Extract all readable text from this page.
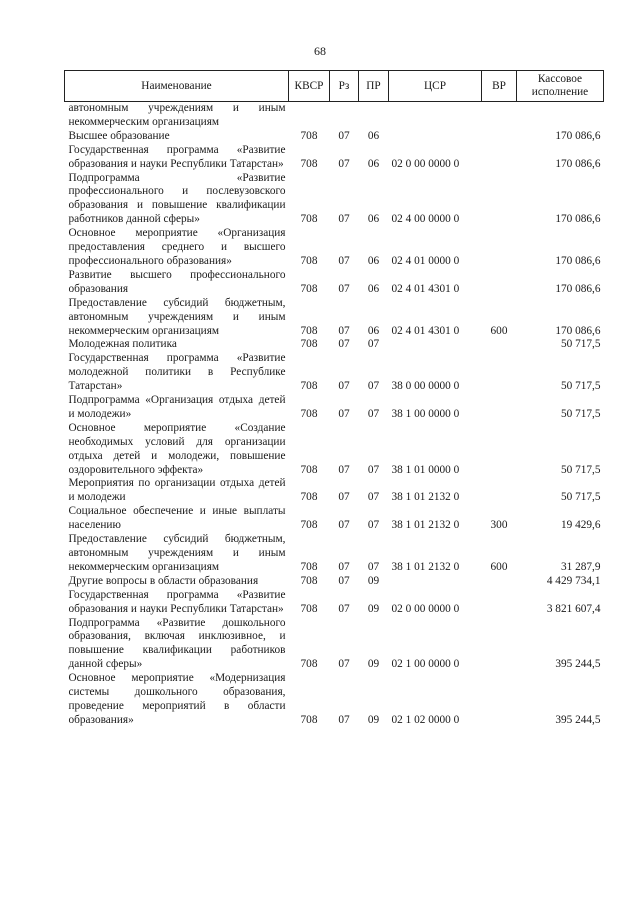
68
Наименование	КВСР	Рз	ПР	ЦСР	ВР	Кассовое исполнение
автономным учреждениям и иным некоммерческим организациям						
Высшее образование	708	07	06			170 086,6
Государственная программа «Развитие образования и науки Республики Татарстан»	708	07	06	02 0 00 0000 0		170 086,6
Подпрограмма «Развитие профессионального и послевузовского образования и повышение квалификации работников данной сферы»	708	07	06	02 4 00 0000 0		170 086,6
Основное мероприятие «Организация предоставления среднего и высшего профессионального образования»	708	07	06	02 4 01 0000 0		170 086,6
Развитие высшего профессионального образования	708	07	06	02 4 01 4301 0		170 086,6
Предоставление субсидий бюджетным, автономным учреждениям и иным некоммерческим организациям	708	07	06	02 4 01 4301 0	600	170 086,6
Молодежная политика	708	07	07			50 717,5
Государственная программа «Развитие молодежной политики в Республике Татарстан»	708	07	07	38 0 00 0000 0		50 717,5
Подпрограмма «Организация отдыха детей и молодежи»	708	07	07	38 1 00 0000 0		50 717,5
Основное мероприятие «Создание необходимых условий для организации отдыха детей и молодежи, повышение оздоровительного эффекта»	708	07	07	38 1 01 0000 0		50 717,5
Мероприятия по организации отдыха детей и молодежи	708	07	07	38 1 01 2132 0		50 717,5
Социальное обеспечение и иные выплаты населению	708	07	07	38 1 01 2132 0	300	19 429,6
Предоставление субсидий бюджетным, автономным учреждениям и иным некоммерческим организациям	708	07	07	38 1 01 2132 0	600	31 287,9
Другие вопросы в области образования	708	07	09			4 429 734,1
Государственная программа «Развитие образования и науки Республики Татарстан»	708	07	09	02 0 00 0000 0		3 821 607,4
Подпрограмма «Развитие дошкольного образования, включая инклюзивное, и повышение квалификации работников данной сферы»	708	07	09	02 1 00 0000 0		395 244,5
Основное мероприятие «Модернизация системы дошкольного образования, проведение мероприятий в области образования»	708	07	09	02 1 02 0000 0		395 244,5
